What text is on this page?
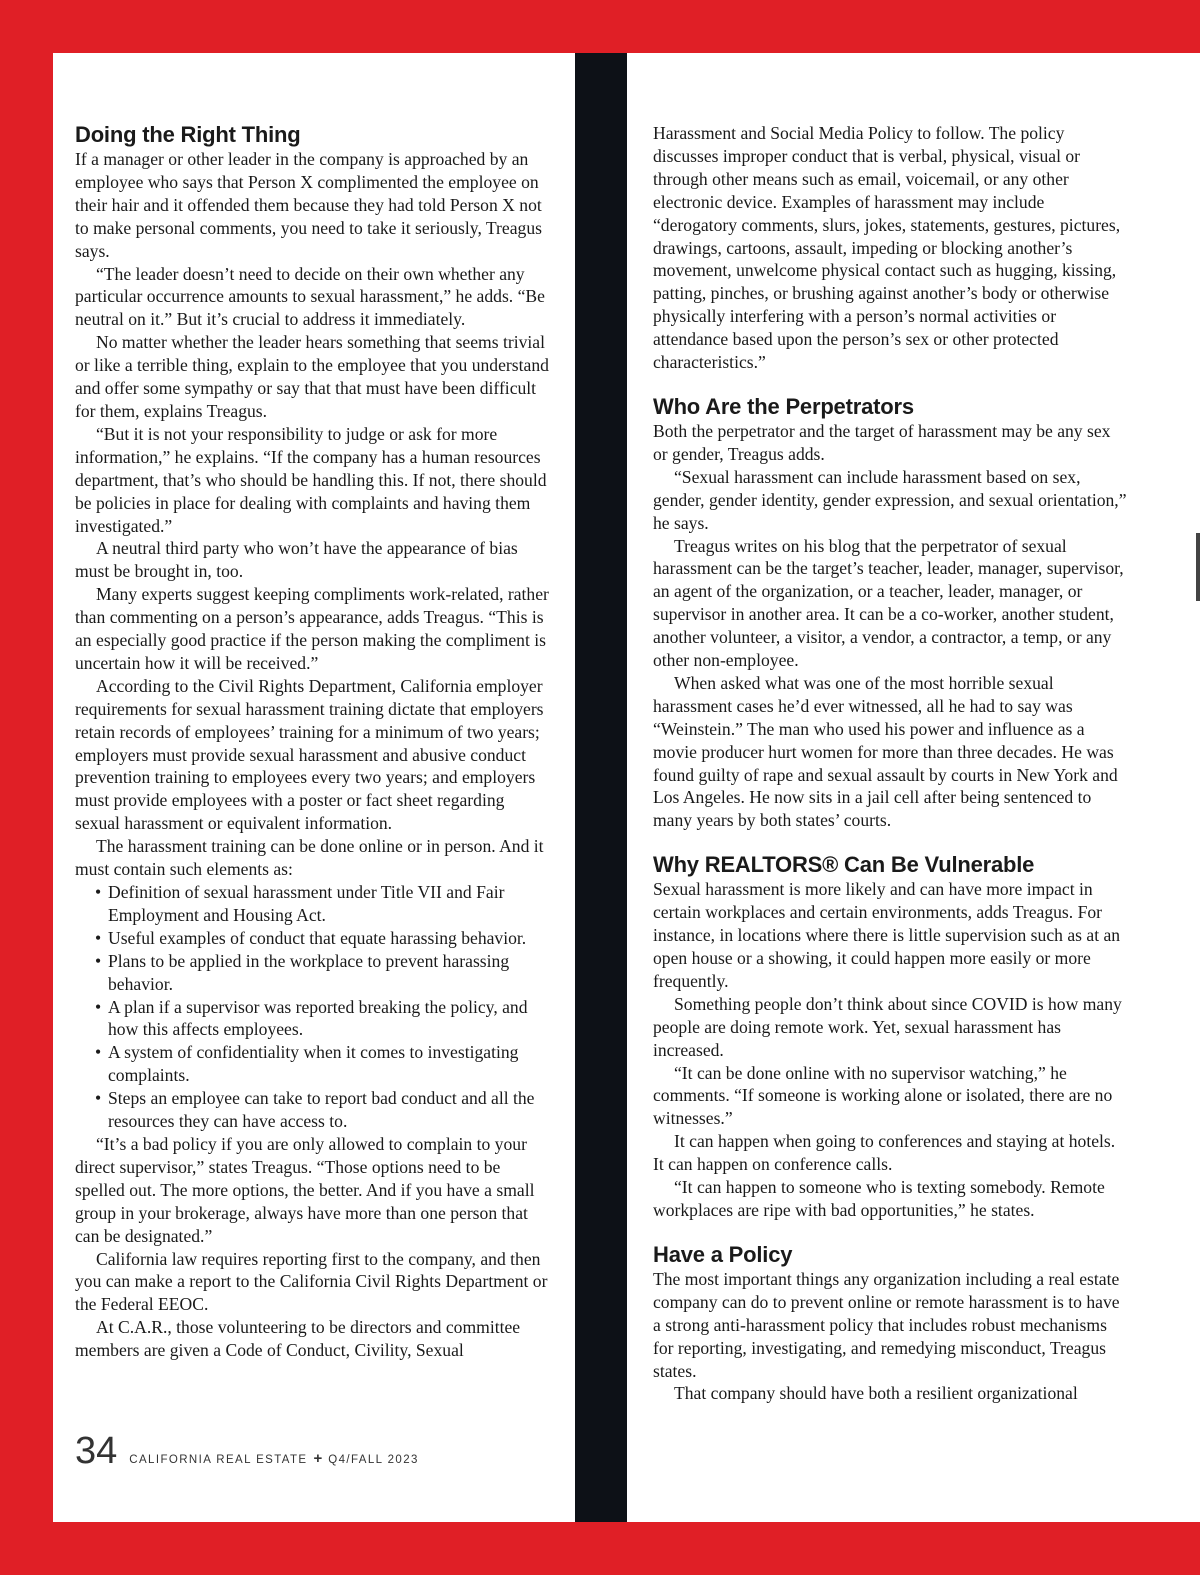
Doing the Right Thing

If a manager or other leader in the company is approached by an employee who says that Person X complimented the employee on their hair and it offended them because they had told Person X not to make personal comments, you need to take it seriously, Treagus says.

“The leader doesn’t need to decide on their own whether any particular occurrence amounts to sexual harassment,” he adds. “Be neutral on it.” But it’s crucial to address it immediately.

No matter whether the leader hears something that seems trivial or like a terrible thing, explain to the employee that you understand and offer some sympathy or say that that must have been difficult for them, explains Treagus.

“But it is not your responsibility to judge or ask for more information,” he explains. “If the company has a human resources department, that’s who should be handling this. If not, there should be policies in place for dealing with complaints and having them investigated.”

A neutral third party who won’t have the appearance of bias must be brought in, too.

Many experts suggest keeping compliments work-related, rather than commenting on a person’s appearance, adds Treagus. “This is an especially good practice if the person making the compliment is uncertain how it will be received.”

According to the Civil Rights Department, California employer requirements for sexual harassment training dictate that employers retain records of employees’ training for a minimum of two years; employers must provide sexual harassment and abusive conduct prevention training to employees every two years; and employers must provide employees with a poster or fact sheet regarding sexual harassment or equivalent information.

The harassment training can be done online or in person. And it must contain such elements as:

• Definition of sexual harassment under Title VII and Fair Employment and Housing Act.
• Useful examples of conduct that equate harassing behavior.
• Plans to be applied in the workplace to prevent harassing behavior.
• A plan if a supervisor was reported breaking the policy, and how this affects employees.
• A system of confidentiality when it comes to investigating complaints.
• Steps an employee can take to report bad conduct and all the resources they can have access to.

“It’s a bad policy if you are only allowed to complain to your direct supervisor,” states Treagus. “Those options need to be spelled out. The more options, the better. And if you have a small group in your brokerage, always have more than one person that can be designated.”

California law requires reporting first to the company, and then you can make a report to the California Civil Rights Department or the Federal EEOC.

At C.A.R., those volunteering to be directors and committee members are given a Code of Conduct, Civility, Sexual

Harassment and Social Media Policy to follow. The policy discusses improper conduct that is verbal, physical, visual or through other means such as email, voicemail, or any other electronic device. Examples of harassment may include “derogatory comments, slurs, jokes, statements, gestures, pictures, drawings, cartoons, assault, impeding or blocking another’s movement, unwelcome physical contact such as hugging, kissing, patting, pinches, or brushing against another’s body or otherwise physically interfering with a person’s normal activities or attendance based upon the person’s sex or other protected characteristics.”

Who Are the Perpetrators

Both the perpetrator and the target of harassment may be any sex or gender, Treagus adds.

“Sexual harassment can include harassment based on sex, gender, gender identity, gender expression, and sexual orientation,” he says.

Treagus writes on his blog that the perpetrator of sexual harassment can be the target’s teacher, leader, manager, supervisor, an agent of the organization, or a teacher, leader, manager, or supervisor in another area. It can be a co-worker, another student, another volunteer, a visitor, a vendor, a contractor, a temp, or any other non-employee.

When asked what was one of the most horrible sexual harassment cases he’d ever witnessed, all he had to say was “Weinstein.” The man who used his power and influence as a movie producer hurt women for more than three decades. He was found guilty of rape and sexual assault by courts in New York and Los Angeles. He now sits in a jail cell after being sentenced to many years by both states’ courts.

Why REALTORS® Can Be Vulnerable

Sexual harassment is more likely and can have more impact in certain workplaces and certain environments, adds Treagus. For instance, in locations where there is little supervision such as at an open house or a showing, it could happen more easily or more frequently.

Something people don’t think about since COVID is how many people are doing remote work. Yet, sexual harassment has increased.

“It can be done online with no supervisor watching,” he comments. “If someone is working alone or isolated, there are no witnesses.”

It can happen when going to conferences and staying at hotels. It can happen on conference calls.

“It can happen to someone who is texting somebody. Remote workplaces are ripe with bad opportunities,” he states.

Have a Policy

The most important things any organization including a real estate company can do to prevent online or remote harassment is to have a strong anti-harassment policy that includes robust mechanisms for reporting, investigating, and remedying misconduct, Treagus states.

That company should have both a resilient organizational

34 CALIFORNIA REAL ESTATE + Q4/FALL 2023
